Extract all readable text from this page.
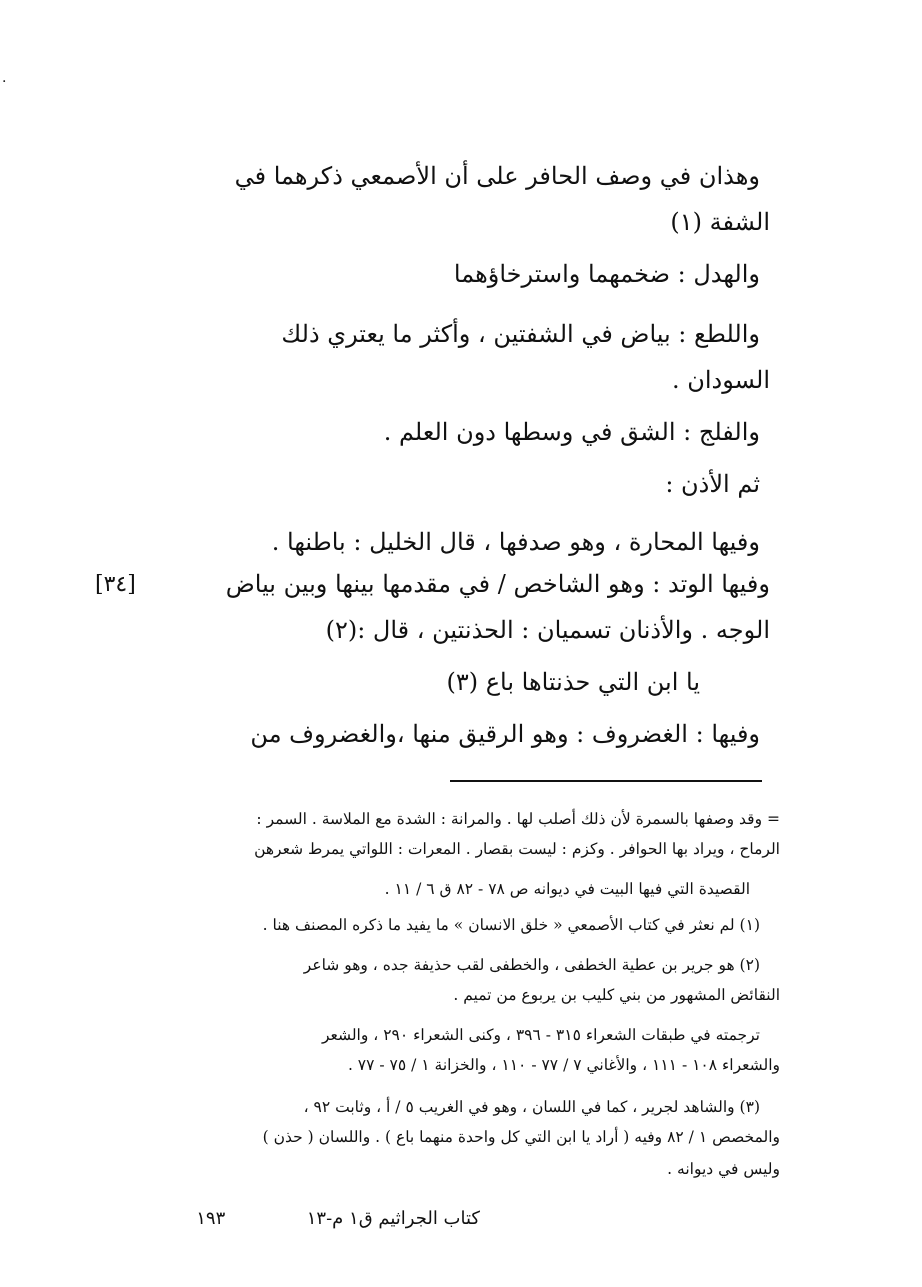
·
وهذان في وصف الحافر على أن الأصمعي ذكرهما في
الشفة (١)
والهدل : ضخمهما واسترخاؤهما
واللطع : بياض في الشفتين ، وأكثر ما يعتري ذلك
السودان .
والفلج : الشق في وسطها دون العلم .
ثم الأذن :
وفيها المحارة ، وهو صدفها ، قال الخليل : باطنها .
وفيها الوتد : وهو الشاخص / في مقدمها بينها وبين بياض
الوجه . والأذنان تسميان : الحذنتين ، قال :(٢)
يا ابن التي حذنتاها باع (٣)
وفيها : الغضروف : وهو الرقيق منها ،والغضروف من
[٣٤]
= وقد وصفها بالسمرة لأن ذلك أصلب لها . والمرانة : الشدة مع الملاسة . السمر :
الرماح ، ويراد بها الحوافر . وكزم : ليست بقصار . المعرات : اللواتي يمرط شعرهن
القصيدة التي فيها البيت في ديوانه ص ٧٨ - ٨٢ ق ٦ / ١١ .
(١) لم نعثر في كتاب الأصمعي « خلق الانسان » ما يفيد ما ذكره المصنف هنا .
(٢) هو جرير بن عطية الخطفى ، والخطفى لقب حذيفة جده ، وهو شاعر
النقائض المشهور من بني كليب بن يربوع من تميم .
ترجمته في طبقات الشعراء ٣١٥ - ٣٩٦ ، وكنى الشعراء ٢٩٠ ، والشعر
والشعراء ١٠٨ - ١١١ ، والأغاني ٧ / ٧٧ - ١١٠ ، والخزانة ١ / ٧٥ - ٧٧ .
(٣) والشاهد لجرير ، كما في اللسان ، وهو في الغريب ٥ / أ ، وثابت ٩٢ ،
والمخصص ١ / ٨٢ وفيه ( أراد يا ابن التي كل واحدة منهما باع ) . واللسان ( حذن )
وليس في ديوانه .
كتاب الجراثيم ق١ م-١٣  ١٩٣
